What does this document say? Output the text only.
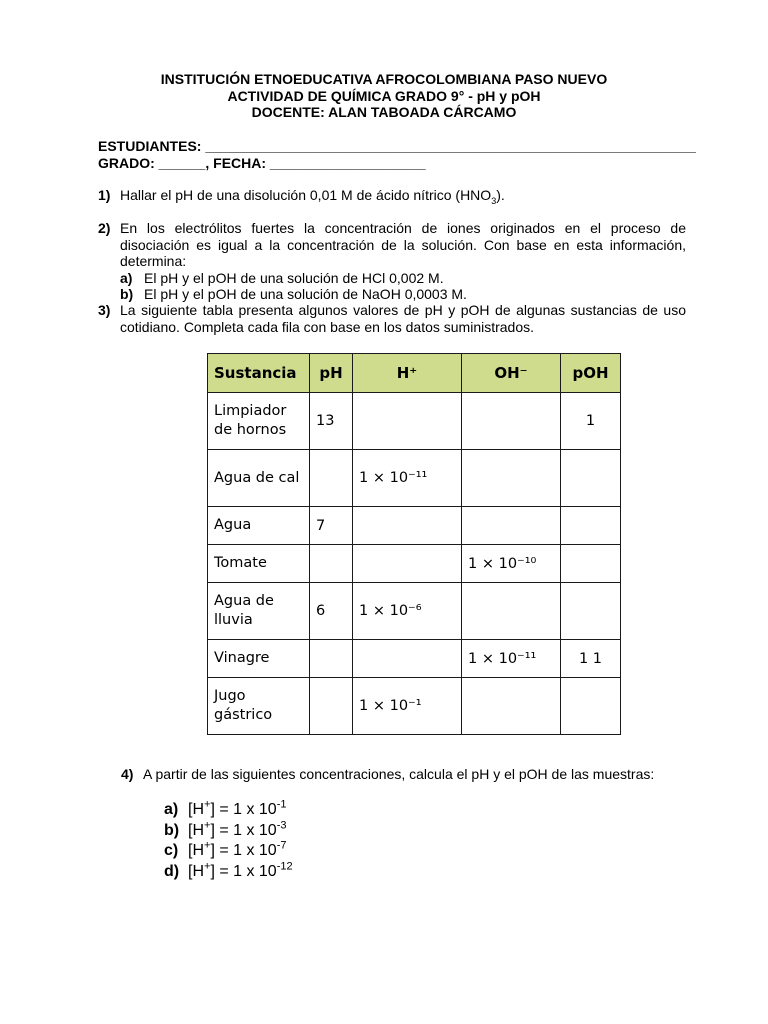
INSTITUCIÓN ETNOEDUCATIVA AFROCOLOMBIANA PASO NUEVO
ACTIVIDAD DE QUÍMICA GRADO 9° - pH y pOH
DOCENTE: ALAN TABOADA CÁRCAMO
ESTUDIANTES: _______________________________________________________________
GRADO: ______, FECHA: ____________________
1) Hallar el pH de una disolución 0,01 M de ácido nítrico $(HNO_3)$.
2) En los electrólitos fuertes la concentración de iones originados en el proceso de disociación es igual a la concentración de la solución. Con base en esta información, determina:
a) El pH y el pOH de una solución de HCl 0,002 M.
b) El pH y el pOH de una solución de NaOH 0,0003 M.
3) La siguiente tabla presenta algunos valores de pH y pOH de algunas sustancias de uso cotidiano. Completa cada fila con base en los datos suministrados.
Sustancia	pH	H⁺	OH⁻	pOH
Limpiador de hornos	13			1
Agua de cal		1 × 10⁻¹¹		
Agua	7			
Tomate			1 × 10⁻¹⁰	
Agua de lluvia	6	1 × 10⁻⁶		
Vinagre			1 × 10⁻¹¹	1 1
Jugo gástrico		1 × 10⁻¹		
4) A partir de las siguientes concentraciones, calcula el pH y el pOH de las muestras:
a) [H+] = 1 x $10^{-1}$
b) [H+] = 1 x $10^{-3}$
c) [H+] = 1 x $10^{-7}$
d) [H+] = 1 x $10^{-12}$
